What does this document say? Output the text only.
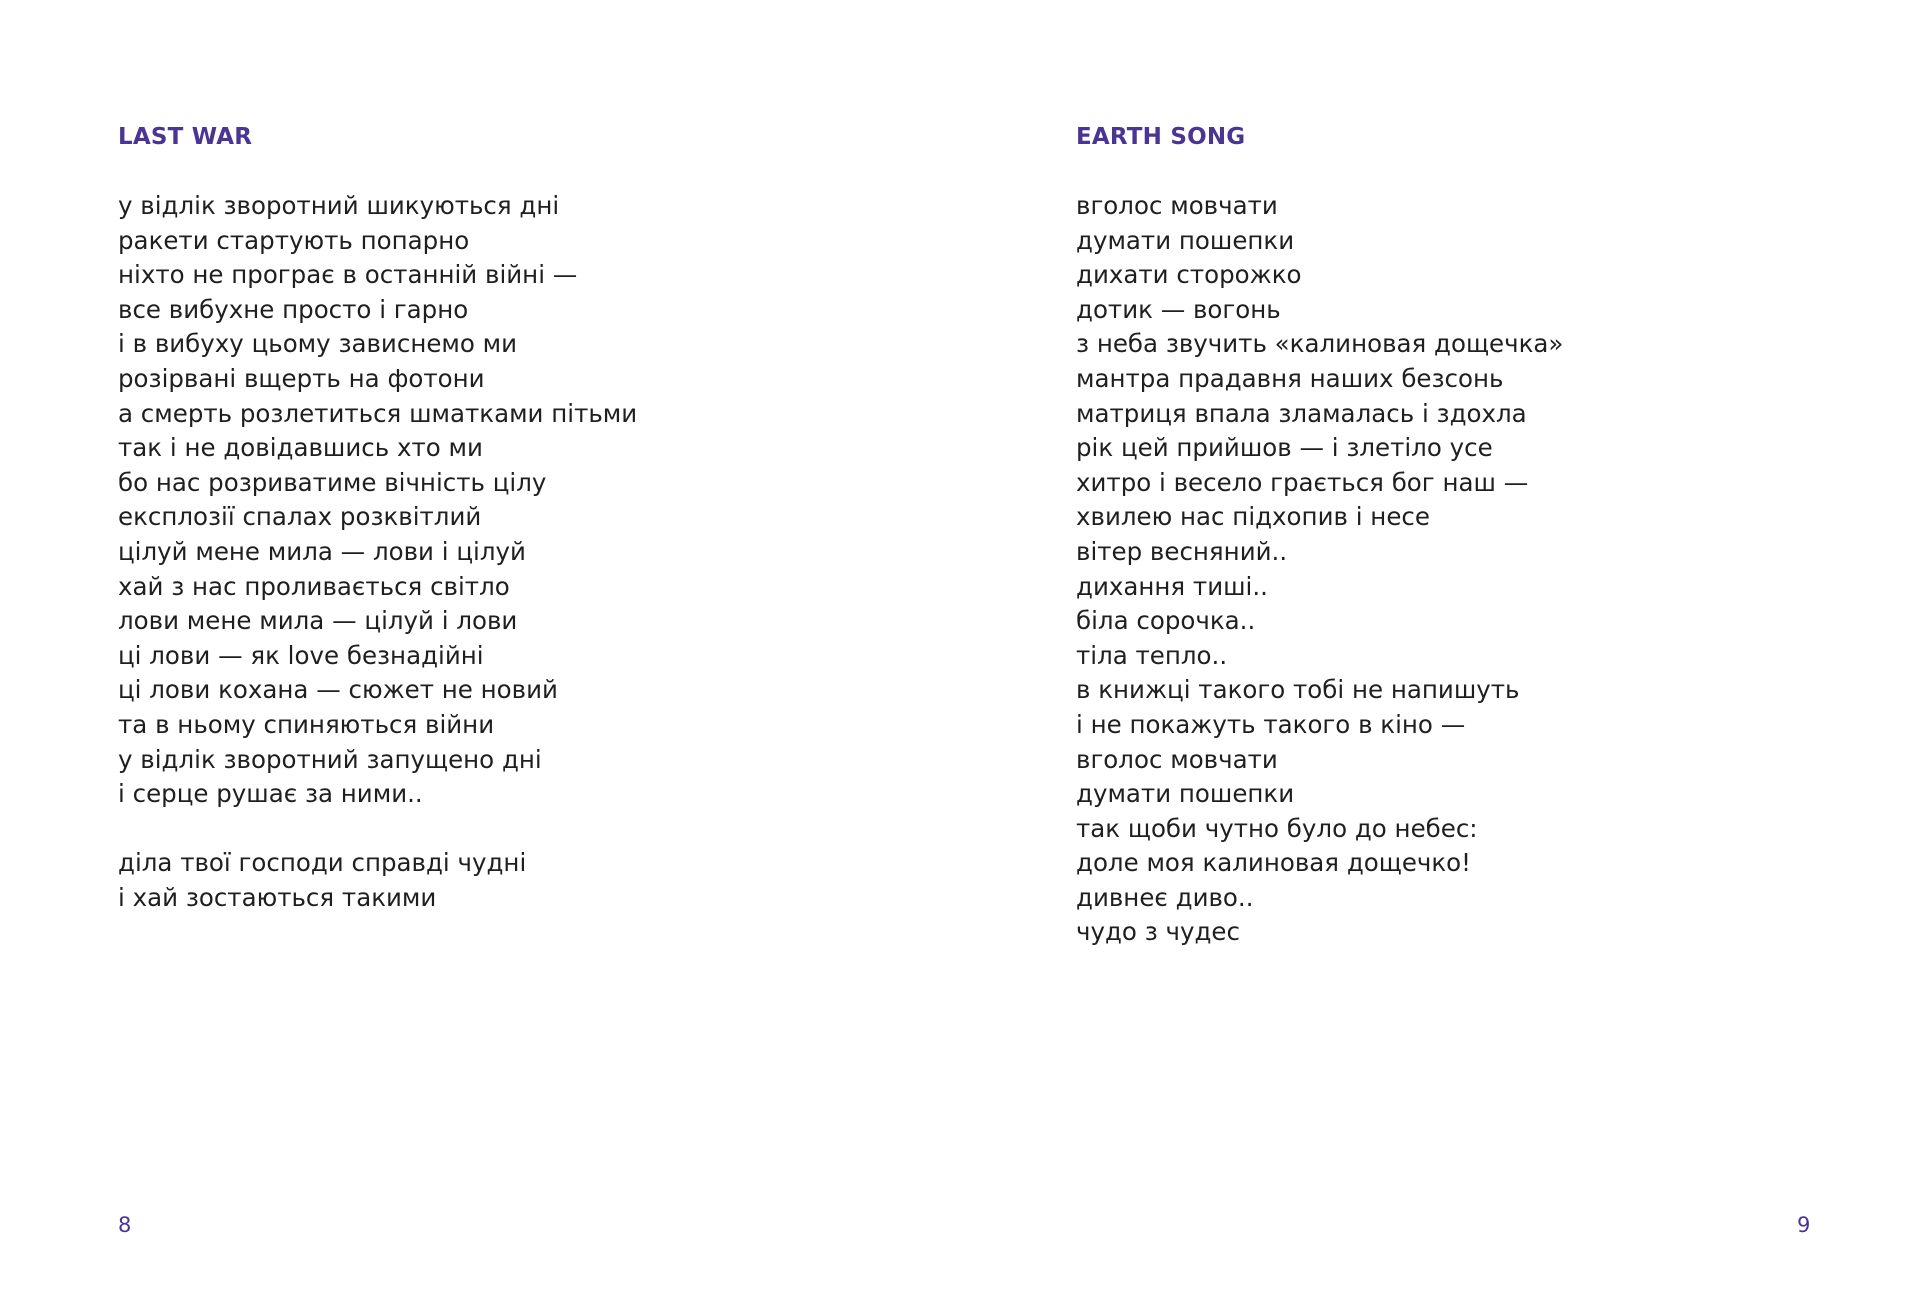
LAST WAR
у відлік зворотний шикуються дні
ракети стартують попарно
ніхто не програє в останній війні —
все вибухне просто і гарно
і в вибуху цьому зависнемо ми
розірвані вщерть на фотони
а смерть розлетиться шматками пітьми
так і не довідавшись хто ми
бо нас розриватиме вічність цілу
експлозії спалах розквітлий
цілуй мене мила — лови і цілуй
хай з нас проливається світло
лови мене мила — цілуй і лови
ці лови — як love безнадійні
ці лови кохана — сюжет не новий
та в ньому спиняються війни
у відлік зворотний запущено дні
і серце рушає за ними..
діла твої господи справді чудні
і хай зостаються такими
8
EARTH SONG
вголос мовчати
думати пошепки
дихати сторожко
дотик — вогонь
з неба звучить «калиновая дощечка»
мантра прадавня наших безсонь
матриця впала зламалась і здохла
рік цей прийшов — і злетіло усе
хитро і весело грається бог наш —
хвилею нас підхопив і несе
вітер весняний..
дихання тиші..
біла сорочка..
тіла тепло..
в книжці такого тобі не напишуть
і не покажуть такого в кіно —
вголос мовчати
думати пошепки
так щоби чутно було до небес:
доле моя калиновая дощечко!
дивнеє диво..
чудо з чудес
9
